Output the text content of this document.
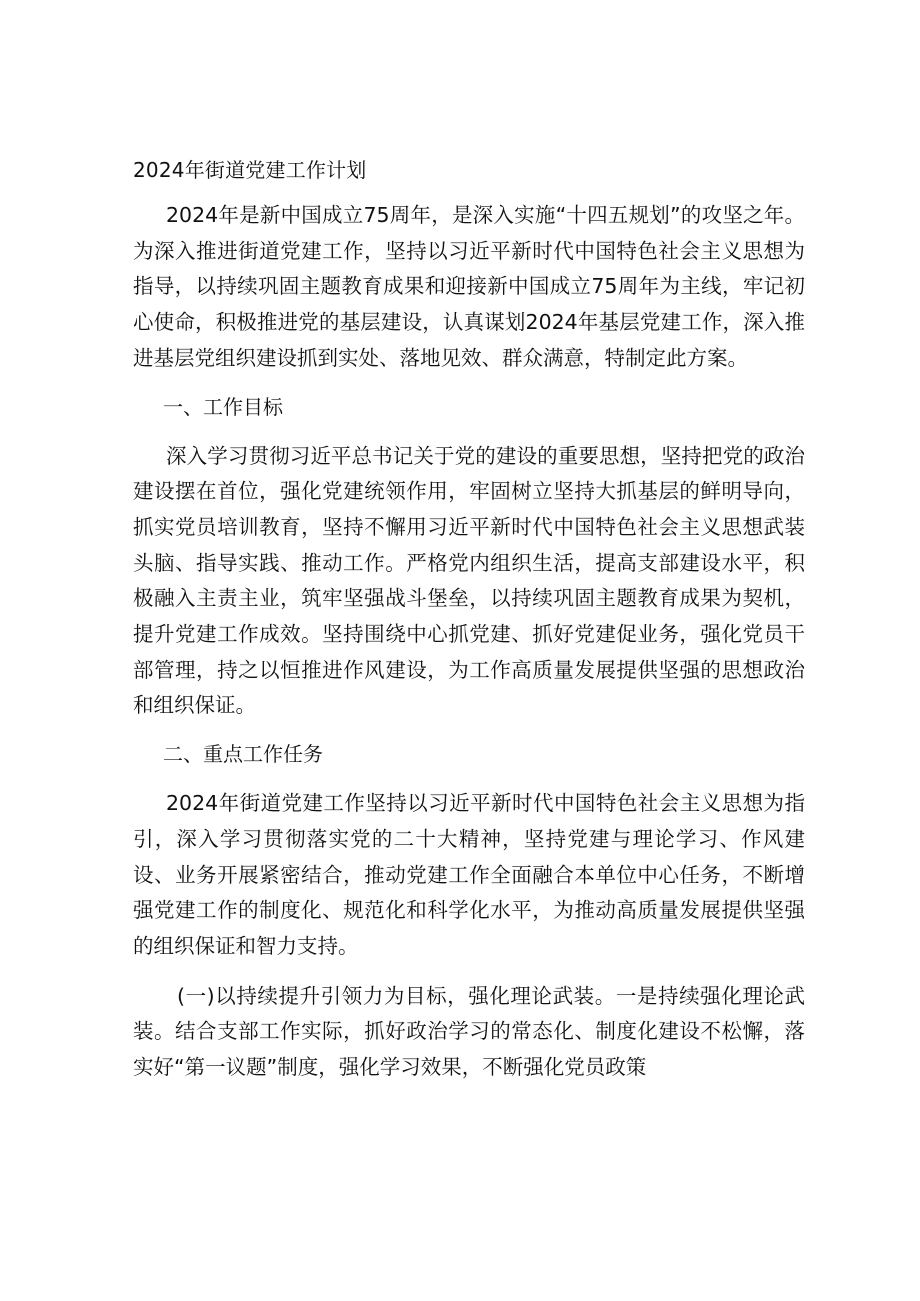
2024年街道党建工作计划

2024年是新中国成立75周年，是深入实施“十四五规划”的攻坚之年。为深入推进街道党建工作，坚持以习近平新时代中国特色社会主义思想为指导，以持续巩固主题教育成果和迎接新中国成立75周年为主线，牢记初心使命，积极推进党的基层建设，认真谋划2024年基层党建工作，深入推进基层党组织建设抓到实处、落地见效、群众满意，特制定此方案。

一、工作目标

深入学习贯彻习近平总书记关于党的建设的重要思想，坚持把党的政治建设摆在首位，强化党建统领作用，牢固树立坚持大抓基层的鲜明导向，抓实党员培训教育，坚持不懈用习近平新时代中国特色社会主义思想武装头脑、指导实践、推动工作。严格党内组织生活，提高支部建设水平，积极融入主责主业，筑牢坚强战斗堡垒，以持续巩固主题教育成果为契机，提升党建工作成效。坚持围绕中心抓党建、抓好党建促业务，强化党员干部管理，持之以恒推进作风建设，为工作高质量发展提供坚强的思想政治和组织保证。

二、重点工作任务

2024年街道党建工作坚持以习近平新时代中国特色社会主义思想为指引，深入学习贯彻落实党的二十大精神，坚持党建与理论学习、作风建设、业务开展紧密结合，推动党建工作全面融合本单位中心任务，不断增强党建工作的制度化、规范化和科学化水平，为推动高质量发展提供坚强的组织保证和智力支持。

(一)以持续提升引领力为目标，强化理论武装。一是持续强化理论武装。结合支部工作实际，抓好政治学习的常态化、制度化建设不松懈，落实好“第一议题”制度，强化学习效果，不断强化党员政策
